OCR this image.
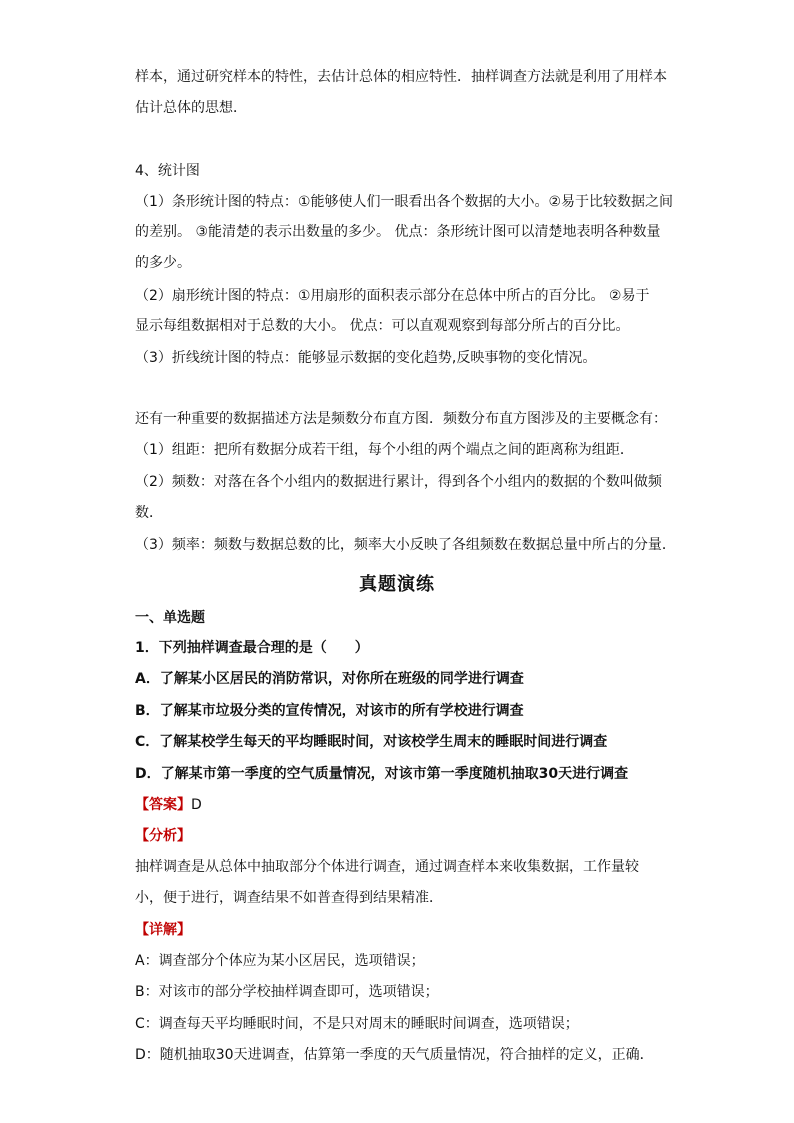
样本，通过研究样本的特性，去估计总体的相应特性．抽样调查方法就是利用了用样本
估计总体的思想．
4、统计图
（1）条形统计图的特点：①能够使人们一眼看出各个数据的大小。②易于比较数据之间
的差别。 ③能清楚的表示出数量的多少。 优点：条形统计图可以清楚地表明各种数量
的多少。
（2）扇形统计图的特点：①用扇形的面积表示部分在总体中所占的百分比。 ②易于
显示每组数据相对于总数的大小。 优点：可以直观观察到每部分所占的百分比。
（3）折线统计图的特点：能够显示数据的变化趋势,反映事物的变化情况。
还有一种重要的数据描述方法是频数分布直方图．频数分布直方图涉及的主要概念有：
（1）组距：把所有数据分成若干组，每个小组的两个端点之间的距离称为组距．
（2）频数：对落在各个小组内的数据进行累计，得到各个小组内的数据的个数叫做频
数．
（3）频率：频数与数据总数的比，频率大小反映了各组频数在数据总量中所占的分量．
真题演练
一、单选题
1．下列抽样调查最合理的是（　　）
A．了解某小区居民的消防常识，对你所在班级的同学进行调查
B．了解某市垃圾分类的宣传情况，对该市的所有学校进行调查
C．了解某校学生每天的平均睡眠时间，对该校学生周末的睡眠时间进行调查
D．了解某市第一季度的空气质量情况，对该市第一季度随机抽取30天进行调查
【答案】D
【分析】
抽样调查是从总体中抽取部分个体进行调查，通过调查样本来收集数据，工作量较
小，便于进行，调查结果不如普查得到结果精准．
【详解】
A：调查部分个体应为某小区居民，选项错误；
B：对该市的部分学校抽样调查即可，选项错误；
C：调查每天平均睡眠时间，不是只对周末的睡眠时间调查，选项错误；
D：随机抽取30天进调查，估算第一季度的天气质量情况，符合抽样的定义，正确．
